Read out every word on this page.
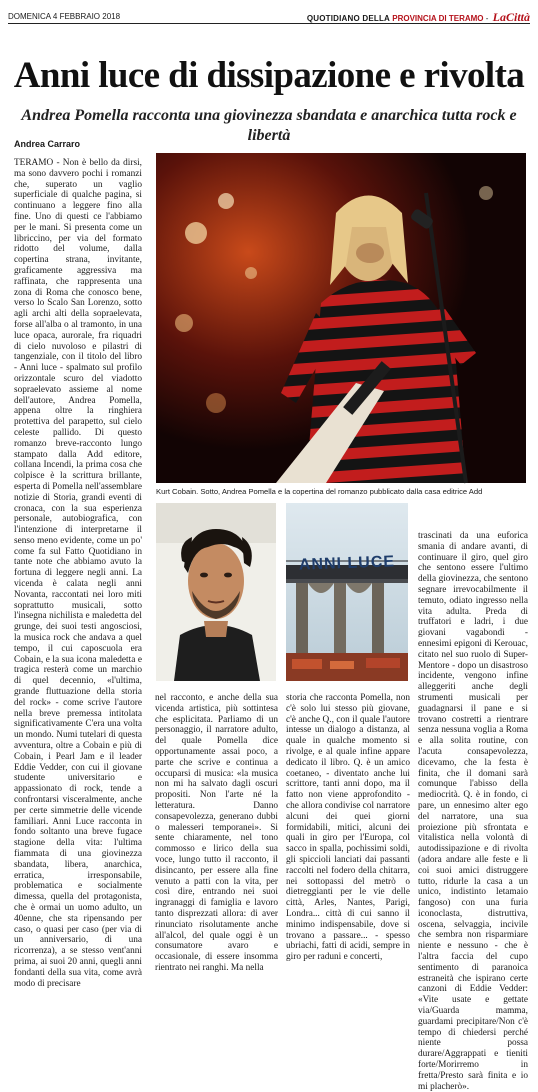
DOMENICA 4 FEBBRAIO 2018	QUOTIDIANO DELLA PROVINCIA DI TERAMO - LaCittà
Anni luce di dissipazione e rivolta
Andrea Pomella racconta una giovinezza sbandata e anarchica tutta rock e libertà
Andrea Carraro

TERAMO - Non è bello da dirsi, ma sono davvero pochi i romanzi che, superato un vaglio superficiale di qualche pagina, si continuano a leggere fino alla fine. Uno di questi ce l'abbiamo per le mani. Si presenta come un libriccino, per via del formato ridotto del volume, dalla copertina strana, invitante, graficamente aggressiva ma raffinata, che rappresenta una zona di Roma che conosco bene, verso lo Scalo San Lorenzo, sotto agli archi alti della sopraelevata, forse all'alba o al tramonto, in una luce opaca, aurorale, fra riquadri di cielo nuvoloso e pilastri di tangenziale, con il titolo del libro - Anni luce - spalmato sul profilo orizzontale scuro del viadotto sopraelevato assieme al nome dell'autore, Andrea Pomella, appena oltre la ringhiera protettiva del parapetto, sul cielo celeste pallido. Di questo romanzo breve-racconto lungo stampato dalla Add editore, collana Incendi, la prima cosa che colpisce è la scrittura brillante, esperta di Pomella nell'assemblare notizie di Storia, grandi eventi di cronaca, con la sua esperienza personale, autobiografica, con l'intenzione di interpretarne il senso meno evidente, come un po' come fa sul Fatto Quotidiano in tante note che abbiamo avuto la fortuna di leggere negli anni. La vicenda è calata negli anni Novanta, raccontati nei loro miti soprattutto musicali, sotto l'insegna nichilista e maledetta del grunge, dei suoi testi angosciosi, la musica rock che andava a quel tempo, il cui caposcuola era Cobain, e la sua icona maledetta e tragica resterà come un marchio di quel decennio, «l'ultima, grande fluttuazione della storia del rock» - come scrive l'autore nella breve premessa intitolata significativamente C'era una volta un mondo. Numi tutelari di questa avventura, oltre a Cobain e più di Cobain, i Pearl Jam e il leader Eddie Vedder, con cui il giovane studente universitario e appassionato di rock, tende a confrontarsi visceralmente, anche per certe simmetrie delle vicende familiari. Anni Luce racconta in fondo soltanto una breve fugace stagione della vita: l'ultima fiammata di una giovinezza sbandata, libera, anarchica, erratica, irresponsabile, problematica e socialmente dimessa, quella del protagonista, che è ormai un uomo adulto, un 40enne, che sta ripensando per caso, o quasi per caso (per via di un anniversario, di una ricorrenza), a se stesso vent'anni prima, ai suoi 20 anni, quegli anni fondanti della sua vita, come avrà modo di precisare

Kurt Cobain. Sotto, Andrea Pomella e la copertina del romanzo pubblicato dalla casa editrice Add
ANNI LUCE

nel racconto, e anche della sua vicenda artistica, più sottintesa che esplicitata. Parliamo di un personaggio, il narratore adulto, del quale Pomella dice opportunamente assai poco, a parte che scrive e continua a occuparsi di musica: «la musica non mi ha salvato dagli oscuri propositi. Non l'arte né la letteratura. Danno consapevolezza, generano dubbi o malesseri temporanei». Si sente chiaramente, nel tono commosso e lirico della sua voce, lungo tutto il racconto, il disincanto, per essere alla fine venuto a patti con la vita, per così dire, entrando nei suoi ingranaggi di famiglia e lavoro tanto disprezzati allora: di aver rinunciato risolutamente anche all'alcol, del quale oggi è un consumatore avaro e occasionale, di essere insomma rientrato nei ranghi. Ma nella

storia che racconta Pomella, non c'è solo lui stesso più giovane, c'è anche Q., con il quale l'autore intesse un dialogo a distanza, al quale in qualche momento si rivolge, e al quale infine appare dedicato il libro. Q. è un amico coetaneo, - diventato anche lui scrittore, tanti anni dopo, ma il fatto non viene approfondito - che allora condivise col narratore alcuni dei quei giorni formidabili, mitici, alcuni dei quali in giro per l'Europa, col sacco in spalla, pochissimi soldi, gli spiccioli lanciati dai passanti raccolti nel fodero della chitarra, nei sottopassi del metrò o dietreggianti per le vie delle città, Arles, Nantes, Parigi, Londra... città di cui sanno il minimo indispensabile, dove si trovano a passare... - spesso ubriachi, fatti di acidi, sempre in giro per raduni e concerti,

trascinati da una euforica smania di andare avanti, di continuare il giro, quel giro che sentono essere l'ultimo della giovinezza, che sentono segnare irrevocabilmente il temuto, odiato ingresso nella vita adulta. Preda di truffatori e ladri, i due giovani vagabondi - ennesimi epigoni di Kerouac, citato nel suo ruolo di Super-Mentore - dopo un disastroso incidente, vengono infine alleggeriti anche degli strumenti musicali per guadagnarsi il pane e si trovano costretti a rientrare senza nessuna voglia a Roma e alla solita routine, con l'acuta consapevolezza, dicevamo, che la festa è finita, che il domani sarà comunque l'abisso della mediocrità. Q. è in fondo, ci pare, un ennesimo alter ego del narratore, una sua proiezione più sfrontata e vitalistica nella volontà di autodissipazione e di rivolta (adora andare alle feste e lì coi suoi amici distruggere tutto, ridurle la casa a un unico, indistinto letamaio fangoso) con una furia iconoclasta, distruttiva, oscena, selvaggia, incivile che sembra non risparmiare niente e nessuno - che è l'altra faccia del cupo sentimento di paranoica estraneità che ispirano certe canzoni di Eddie Vedder: «Vite usate e gettate via/Guarda mamma, guardami precipitare/Non c'è tempo di chiedersi perché niente possa durare/Aggrappati e tieniti forte/Morirremo in fretta/Presto sarà finita e io mi placherò».
